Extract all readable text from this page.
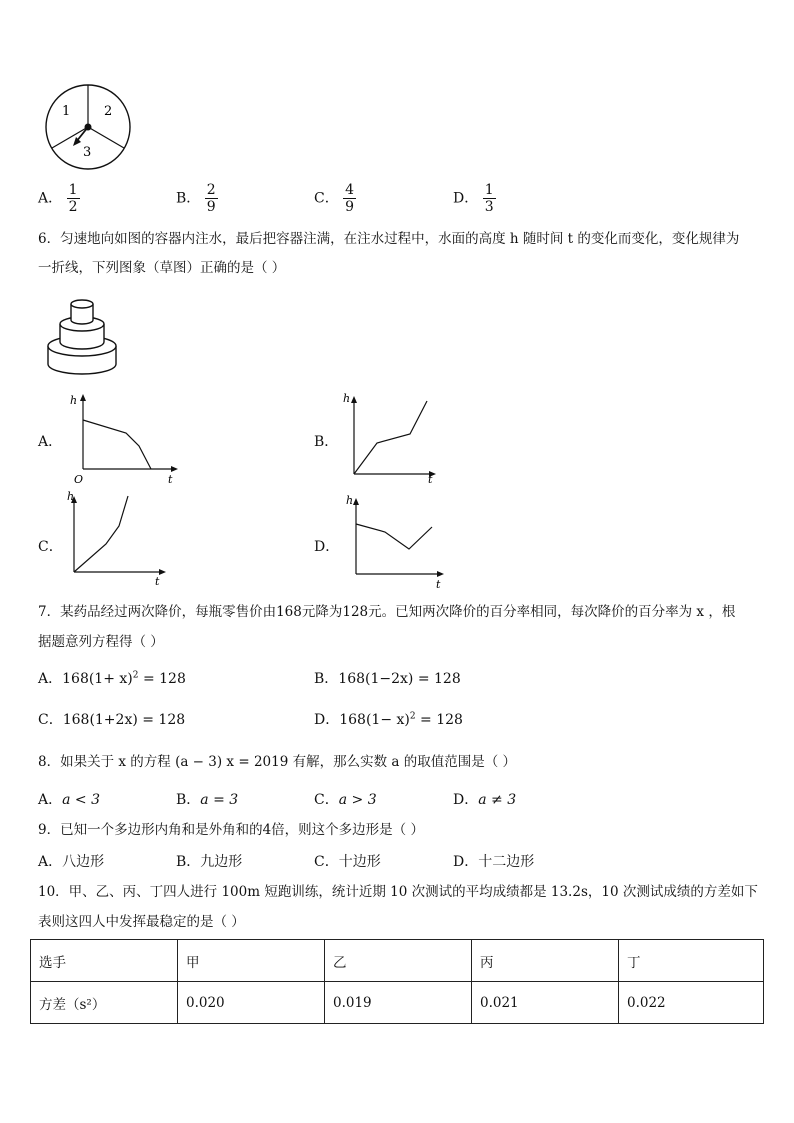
1	2
3
A． $\frac{1}{2}$	B． $\frac{2}{9}$	C． $\frac{4}{9}$	D． $\frac{1}{3}$
6．匀速地向如图的容器内注水，最后把容器注满，在注水过程中，水面的高度 h 随时间 t 的变化而变化，变化规律为
一折线，下列图象（草图）正确的是（ ）
A．
h
t
O
B．
h
t
C．
h
t
D．
h
t
7．某药品经过两次降价，每瓶零售价由168元降为128元。已知两次降价的百分率相同，每次降价的百分率为 x ，根
据题意列方程得（ ）
A．$168(1+ x)^2 = 128$	B．168(1−2x) = 128
C．168(1+2x) = 128	D．$168(1- x)^2 = 128$
8．如果关于 x 的方程 (a − 3) x = 2019 有解，那么实数 a 的取值范围是（ ）
A．a < 3	B．a = 3	C．a > 3	D．a ≠ 3
9．已知一个多边形内角和是外角和的4倍，则这个多边形是（ ）
A．八边形	B．九边形	C．十边形	D．十二边形
10．甲、乙、丙、丁四人进行 100m 短跑训练，统计近期 10 次测试的平均成绩都是 13.2s，10 次测试成绩的方差如下
表则这四人中发挥最稳定的是（ ）
选手	甲	乙	丙	丁
方差（s²）	0.020	0.019	0.021	0.022
